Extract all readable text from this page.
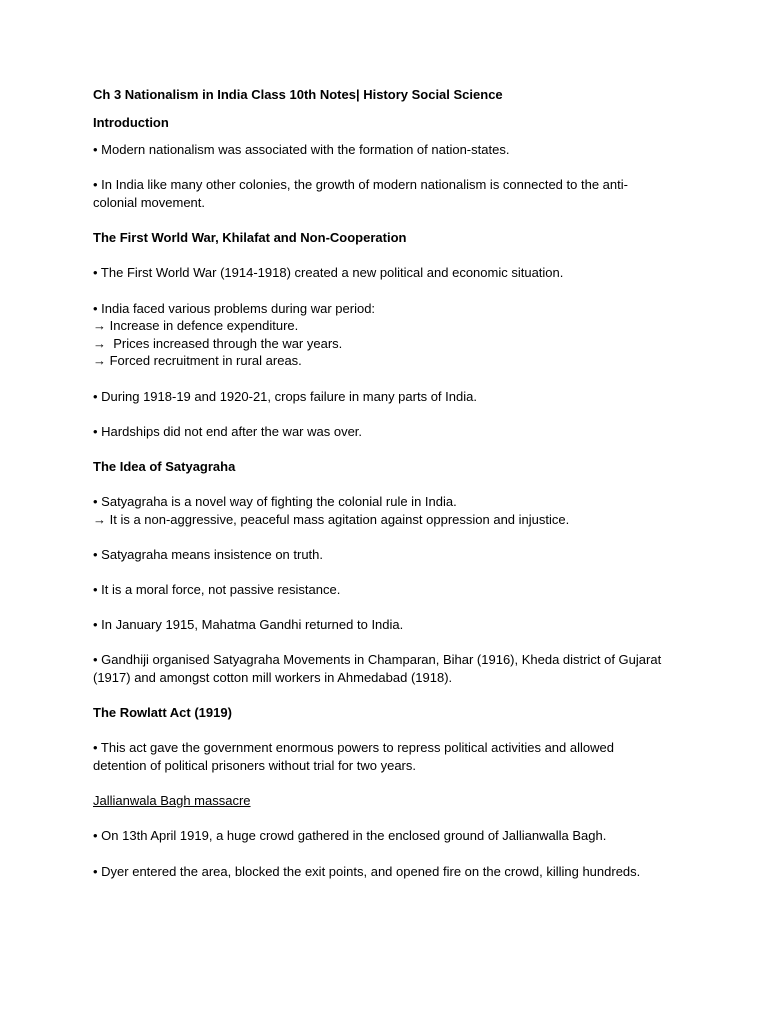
Ch 3 Nationalism in India Class 10th Notes| History Social Science
Introduction
• Modern nationalism was associated with the formation of nation-states.
• In India like many other colonies, the growth of modern nationalism is connected to the anti-
colonial movement.
The First World War, Khilafat and Non-Cooperation
• The First World War (1914-1918) created a new political and economic situation.
• India faced various problems during war period:
→ Increase in defence expenditure.
→  Prices increased through the war years.
→ Forced recruitment in rural areas.
• During 1918-19 and 1920-21, crops failure in many parts of India.
• Hardships did not end after the war was over.
The Idea of Satyagraha
• Satyagraha is a novel way of fighting the colonial rule in India.
→ It is a non-aggressive, peaceful mass agitation against oppression and injustice.
• Satyagraha means insistence on truth.
• It is a moral force, not passive resistance.
• In January 1915, Mahatma Gandhi returned to India.
• Gandhiji organised Satyagraha Movements in Champaran, Bihar (1916), Kheda district of Gujarat
(1917) and amongst cotton mill workers in Ahmedabad (1918).
The Rowlatt Act (1919)
• This act gave the government enormous powers to repress political activities and allowed
detention of political prisoners without trial for two years.
Jallianwala Bagh massacre
• On 13th April 1919, a huge crowd gathered in the enclosed ground of Jallianwalla Bagh.
• Dyer entered the area, blocked the exit points, and opened fire on the crowd, killing hundreds.
